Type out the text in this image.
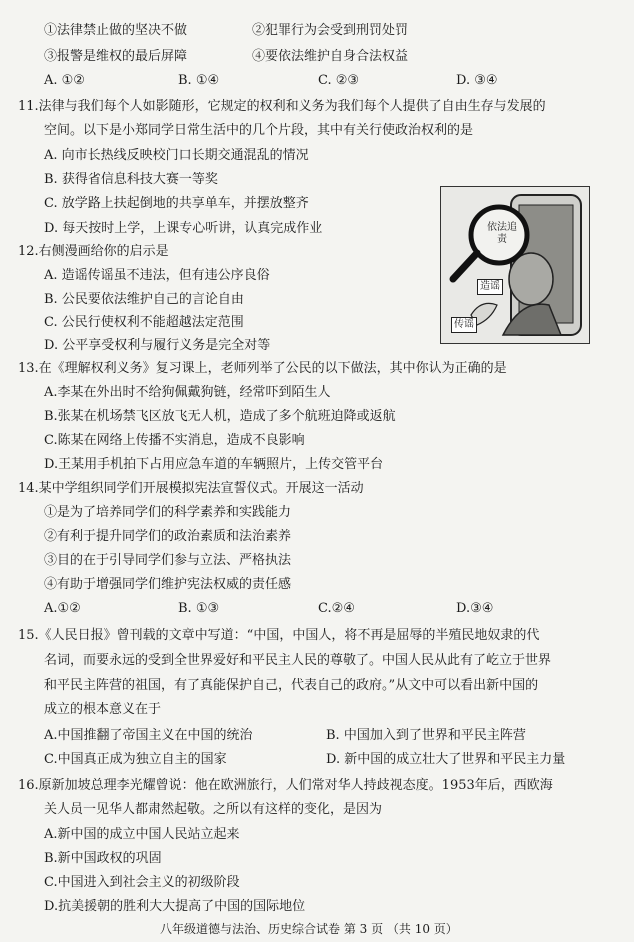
①法律禁止做的坚决不做	②犯罪行为会受到刑罚处罚
③报警是维权的最后屏障	④要依法维护自身合法权益
A. ①②	B. ①④	C. ②③	D. ③④
11.法律与我们每个人如影随形，它规定的权利和义务为我们每个人提供了自由生存与发展的
空间。以下是小郑同学日常生活中的几个片段，其中有关行使政治权利的是
A. 向市长热线反映校门口长期交通混乱的情况
B. 获得省信息科技大赛一等奖
C. 放学路上扶起倒地的共享单车，并摆放整齐
D. 每天按时上学，上课专心听讲，认真完成作业
12.右侧漫画给你的启示是
A. 造谣传谣虽不违法，但有违公序良俗
B. 公民要依法维护自己的言论自由
C. 公民行使权利不能超越法定范围
D. 公平享受权利与履行义务是完全对等
依法追责
造谣
传谣
13.在《理解权利义务》复习课上，老师列举了公民的以下做法，其中你认为正确的是
A.李某在外出时不给狗佩戴狗链，经常吓到陌生人
B.张某在机场禁飞区放飞无人机，造成了多个航班迫降或返航
C.陈某在网络上传播不实消息，造成不良影响
D.王某用手机拍下占用应急车道的车辆照片，上传交管平台
14.某中学组织同学们开展模拟宪法宣誓仪式。开展这一活动
①是为了培养同学们的科学素养和实践能力
②有利于提升同学们的政治素质和法治素养
③目的在于引导同学们参与立法、严格执法
④有助于增强同学们维护宪法权威的责任感
A.①②	B. ①③	C.②④	D.③④
15.《人民日报》曾刊载的文章中写道：“中国，中国人，将不再是屈辱的半殖民地奴隶的代
名词，而要永远的受到全世界爱好和平民主人民的尊敬了。中国人民从此有了屹立于世界
和平民主阵营的祖国，有了真能保护自己，代表自己的政府。”从文中可以看出新中国的
成立的根本意义在于
A.中国推翻了帝国主义在中国的统治	B. 中国加入到了世界和平民主阵营
C.中国真正成为独立自主的国家	D. 新中国的成立壮大了世界和平民主力量
16.原新加坡总理李光耀曾说：他在欧洲旅行，人们常对华人持歧视态度。1953年后，西欧海
关人员一见华人都肃然起敬。之所以有这样的变化，是因为
A.新中国的成立中国人民站立起来
B.新中国政权的巩固
C.中国进入到社会主义的初级阶段
D.抗美援朝的胜利大大提高了中国的国际地位
八年级道德与法治、历史综合试卷 第 3 页 （共 10 页）
